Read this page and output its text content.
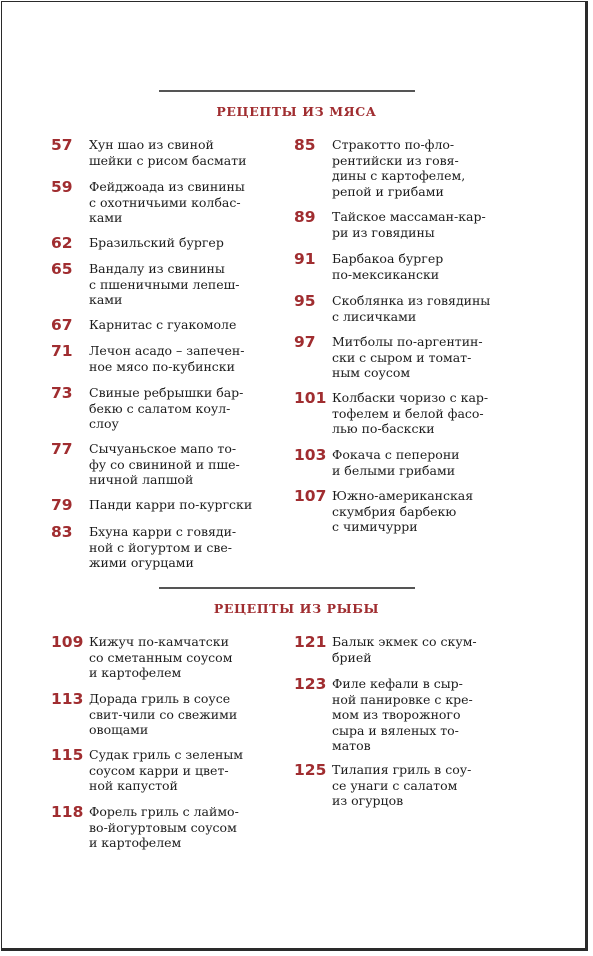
РЕЦЕПТЫ ИЗ МЯСА
57 Хун шао из свиной
шейки с рисом басмати
59 Фейджоада из свинины
с охотничьими колбас-
ками
62 Бразильский бургер
65 Вандалу из свинины
с пшеничными лепеш-
ками
67 Карнитас с гуакомоле
71 Лечон асадо – запечен-
ное мясо по-кубински
73 Свиные ребрышки бар-
бекю с салатом коул-
слоу
77 Сычуаньское мапо то-
фу со свининой и пше-
ничной лапшой
79 Панди карри по-кургски
83 Бхуна карри с говяди-
ной с йогуртом и све-
жими огурцами
85 Стракотто по-фло-
рентийски из говя-
дины с картофелем,
репой и грибами
89 Тайское массаман-кар-
ри из говядины
91 Барбакоа бургер
по-мексикански
95 Скоблянка из говядины
с лисичками
97 Митболы по-аргентин-
ски с сыром и томат-
ным соусом
101 Колбаски чоризо с кар-
тофелем и белой фасо-
лью по-баскски
103 Фокача с пеперони
и белыми грибами
107 Южно-американская
скумбрия барбекю
с чимичурри
РЕЦЕПТЫ ИЗ РЫБЫ
109 Кижуч по-камчатски
со сметанным соусом
и картофелем
113 Дорада гриль в соусе
свит-чили со свежими
овощами
115 Судак гриль с зеленым
соусом карри и цвет-
ной капустой
118 Форель гриль с лаймо-
во-йогуртовым соусом
и картофелем
121 Балык экмек со скум-
брией
123 Филе кефали в сыр-
ной панировке с кре-
мом из творожного
сыра и вяленых то-
матов
125 Тилапия гриль в соу-
се унаги с салатом
из огурцов
